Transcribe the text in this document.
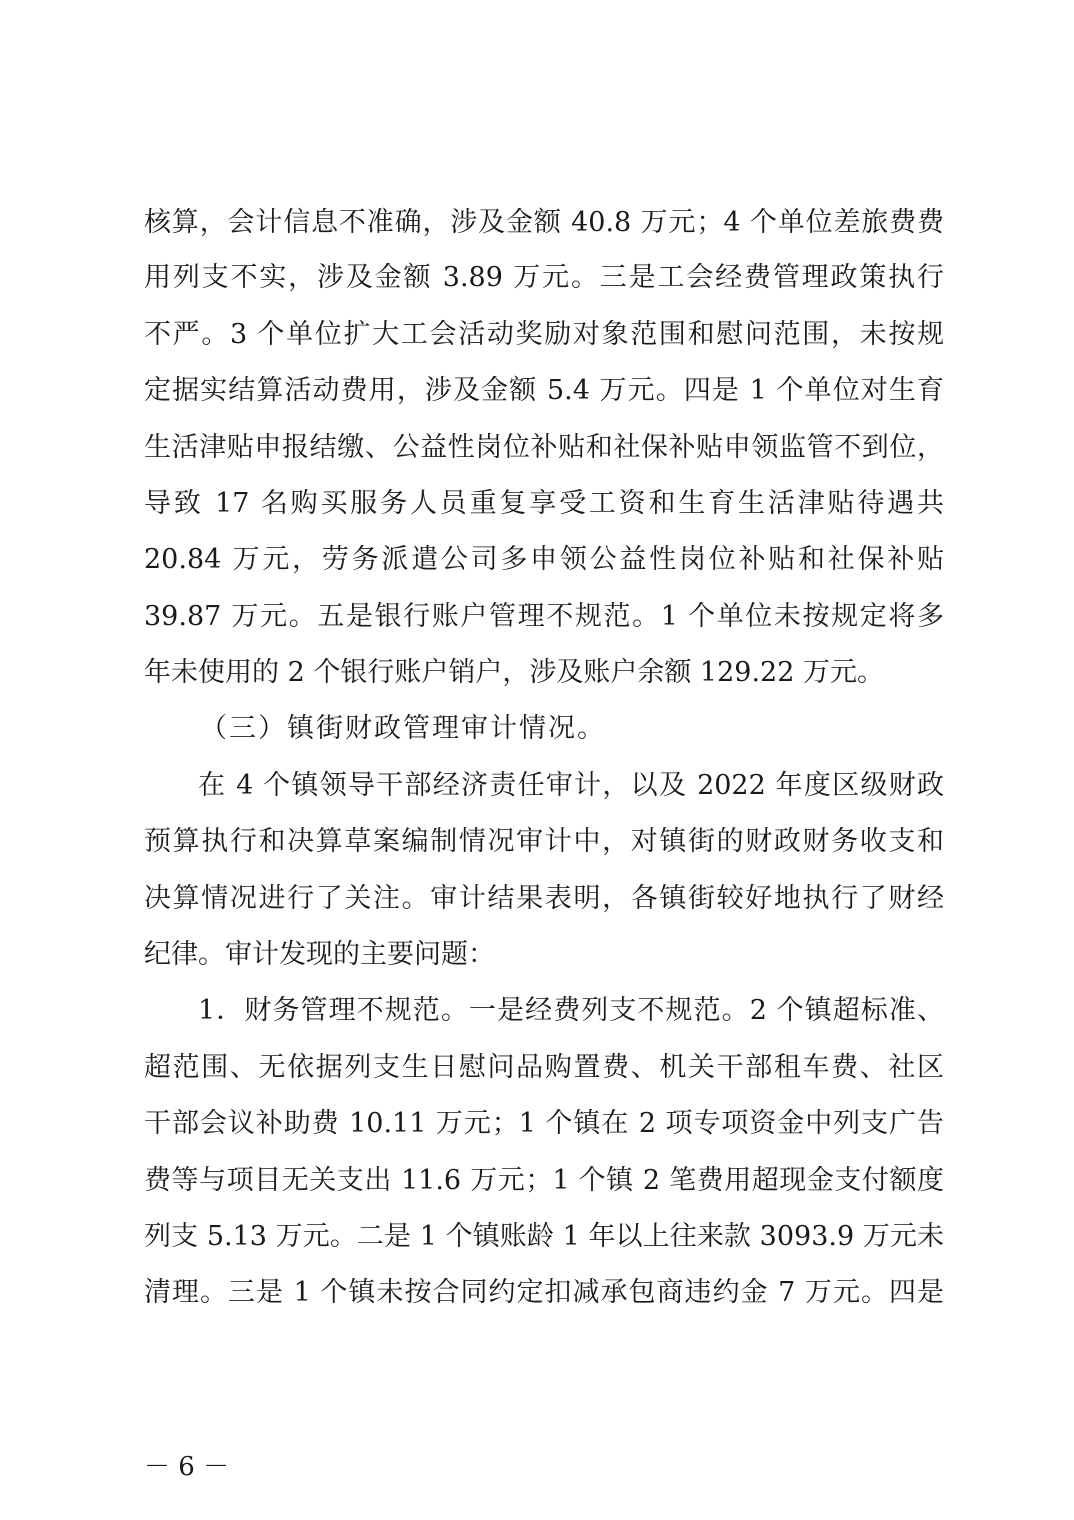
核算，会计信息不准确，涉及金额 40.8 万元；4 个单位差旅费费
用列支不实，涉及金额 3.89 万元。三是工会经费管理政策执行
不严。3 个单位扩大工会活动奖励对象范围和慰问范围，未按规
定据实结算活动费用，涉及金额 5.4 万元。四是 1 个单位对生育
生活津贴申报结缴、公益性岗位补贴和社保补贴申领监管不到位，
导致 17 名购买服务人员重复享受工资和生育生活津贴待遇共
20.84 万元，劳务派遣公司多申领公益性岗位补贴和社保补贴
39.87 万元。五是银行账户管理不规范。1 个单位未按规定将多
年未使用的 2 个银行账户销户，涉及账户余额 129.22 万元。
（三）镇街财政管理审计情况。
在 4 个镇领导干部经济责任审计，以及 2022 年度区级财政
预算执行和决算草案编制情况审计中，对镇街的财政财务收支和
决算情况进行了关注。审计结果表明，各镇街较好地执行了财经
纪律。审计发现的主要问题：
1．财务管理不规范。一是经费列支不规范。2 个镇超标准、
超范围、无依据列支生日慰问品购置费、机关干部租车费、社区
干部会议补助费 10.11 万元；1 个镇在 2 项专项资金中列支广告
费等与项目无关支出 11.6 万元；1 个镇 2 笔费用超现金支付额度
列支 5.13 万元。二是 1 个镇账龄 1 年以上往来款 3093.9 万元未
清理。三是 1 个镇未按合同约定扣减承包商违约金 7 万元。四是
－ 6 －
